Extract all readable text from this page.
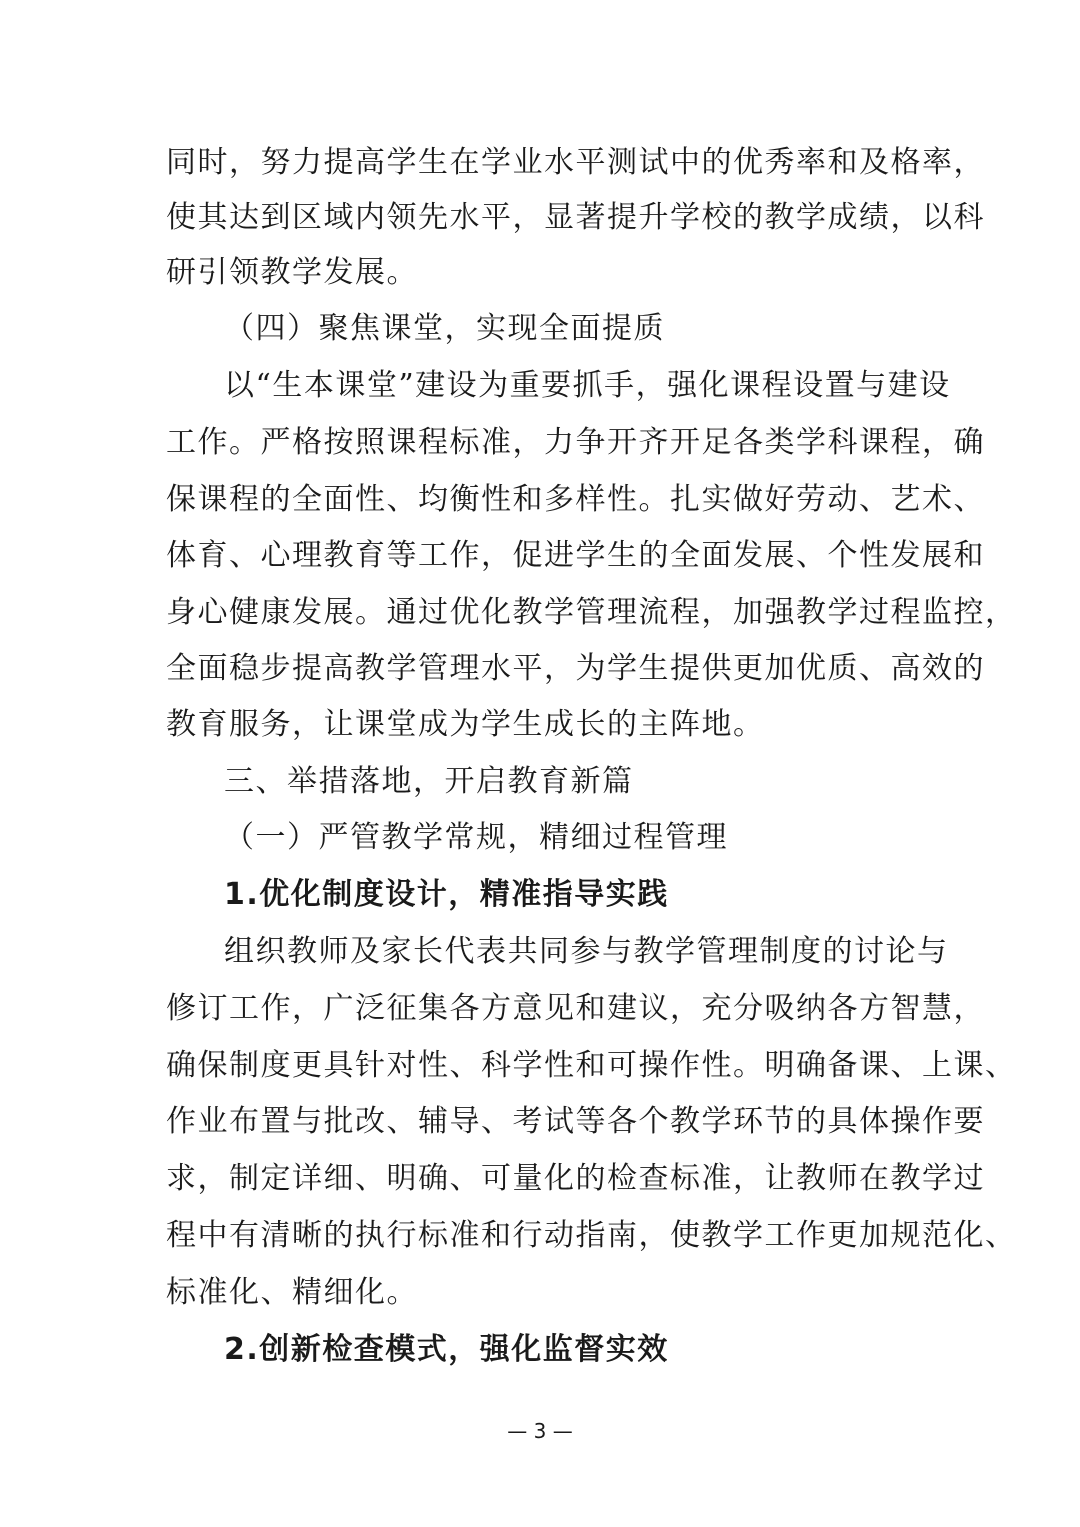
同时，努力提高学生在学业水平测试中的优秀率和及格率，
使其达到区域内领先水平，显著提升学校的教学成绩，以科
研引领教学发展。
（四）聚焦课堂，实现全面提质
以“生本课堂”建设为重要抓手，强化课程设置与建设
工作。严格按照课程标准，力争开齐开足各类学科课程，确
保课程的全面性、均衡性和多样性。扎实做好劳动、艺术、
体育、心理教育等工作，促进学生的全面发展、个性发展和
身心健康发展。通过优化教学管理流程，加强教学过程监控，
全面稳步提高教学管理水平，为学生提供更加优质、高效的
教育服务，让课堂成为学生成长的主阵地。
三、举措落地，开启教育新篇
（一）严管教学常规，精细过程管理
1.优化制度设计，精准指导实践
组织教师及家长代表共同参与教学管理制度的讨论与
修订工作，广泛征集各方意见和建议，充分吸纳各方智慧，
确保制度更具针对性、科学性和可操作性。明确备课、上课、
作业布置与批改、辅导、考试等各个教学环节的具体操作要
求，制定详细、明确、可量化的检查标准，让教师在教学过
程中有清晰的执行标准和行动指南，使教学工作更加规范化、
标准化、精细化。
2.创新检查模式，强化监督实效
— 3 —
